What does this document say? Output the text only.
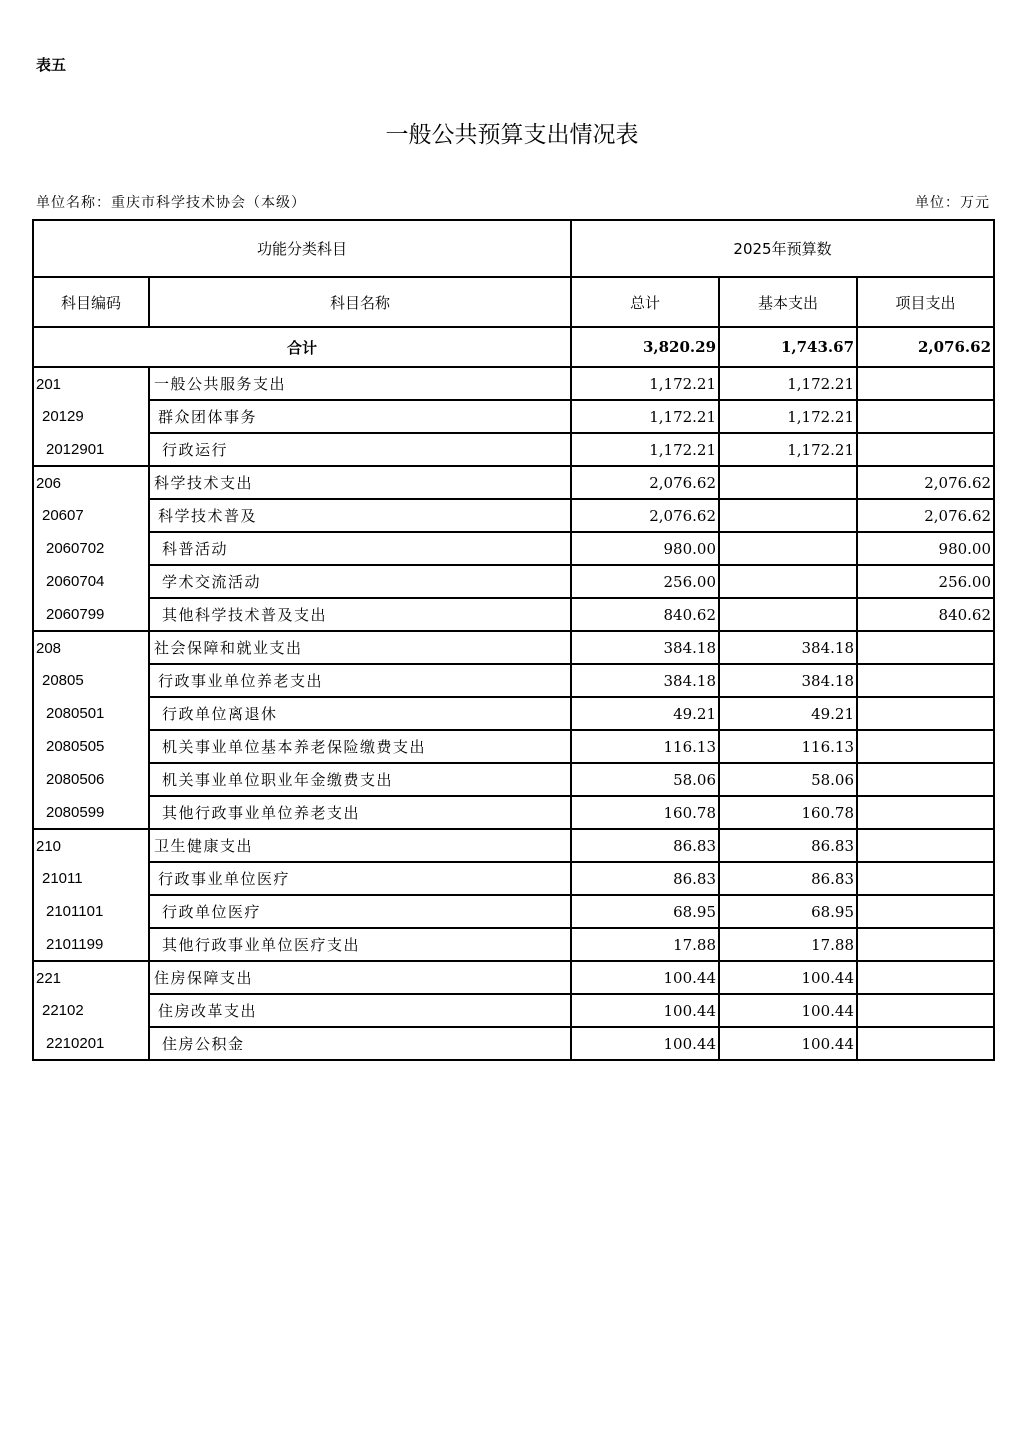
表五
一般公共预算支出情况表
单位名称：重庆市科学技术协会（本级）	单位：万元
功能分类科目		2025年预算数		
科目编码	科目名称	总计	基本支出	项目支出
合计		3,820.29	1,743.67	2,076.62
201	一般公共服务支出	1,172.21	1,172.21	
20129	群众团体事务	1,172.21	1,172.21	
2012901	行政运行	1,172.21	1,172.21	
206	科学技术支出	2,076.62		2,076.62
20607	科学技术普及	2,076.62		2,076.62
2060702	科普活动	980.00		980.00
2060704	学术交流活动	256.00		256.00
2060799	其他科学技术普及支出	840.62		840.62
208	社会保障和就业支出	384.18	384.18	
20805	行政事业单位养老支出	384.18	384.18	
2080501	行政单位离退休	49.21	49.21	
2080505	机关事业单位基本养老保险缴费支出	116.13	116.13	
2080506	机关事业单位职业年金缴费支出	58.06	58.06	
2080599	其他行政事业单位养老支出	160.78	160.78	
210	卫生健康支出	86.83	86.83	
21011	行政事业单位医疗	86.83	86.83	
2101101	行政单位医疗	68.95	68.95	
2101199	其他行政事业单位医疗支出	17.88	17.88	
221	住房保障支出	100.44	100.44	
22102	住房改革支出	100.44	100.44	
2210201	住房公积金	100.44	100.44	
